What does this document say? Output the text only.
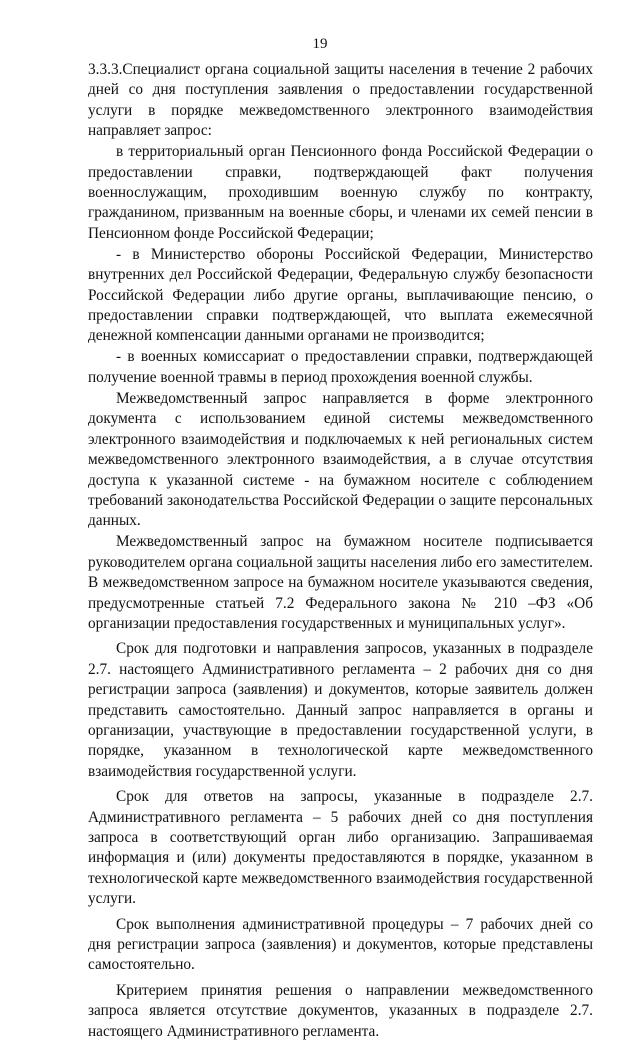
19

3.3.3.Специалист органа социальной защиты населения в течение 2 рабочих дней со дня поступления заявления о предоставлении государственной услуги в порядке межведомственного электронного взаимодействия направляет запрос:

в территориальный орган Пенсионного фонда Российской Федерации о предоставлении справки, подтверждающей факт получения военнослужащим, проходившим военную службу по контракту, гражданином, призванным на военные сборы, и членами их семей пенсии в Пенсионном фонде Российской Федерации;

- в Министерство обороны Российской Федерации, Министерство внутренних дел Российской Федерации, Федеральную службу безопасности Российской Федерации либо другие органы, выплачивающие пенсию, о предоставлении справки подтверждающей, что выплата ежемесячной денежной компенсации данными органами не производится;

- в военных комиссариат о предоставлении справки, подтверждающей получение военной травмы в период прохождения военной службы.

Межведомственный запрос направляется в форме электронного документа с использованием единой системы межведомственного электронного взаимодействия и подключаемых к ней региональных систем межведомственного электронного взаимодействия, а в случае отсутствия доступа к указанной системе - на бумажном носителе с соблюдением требований законодательства Российской Федерации о защите персональных данных.

Межведомственный запрос на бумажном носителе подписывается руководителем органа социальной защиты населения либо его заместителем. В межведомственном запросе на бумажном носителе указываются сведения, предусмотренные статьей 7.2 Федерального закона № 210 –ФЗ «Об организации предоставления государственных и муниципальных услуг».

Срок для подготовки и направления запросов, указанных в подразделе 2.7. настоящего Административного регламента – 2 рабочих дня со дня регистрации запроса (заявления) и документов, которые заявитель должен представить самостоятельно. Данный запрос направляется в органы и организации, участвующие в предоставлении государственной услуги, в порядке, указанном в технологической карте межведомственного взаимодействия государственной услуги.

Срок для ответов на запросы, указанные в подразделе 2.7. Административного регламента – 5 рабочих дней со дня поступления запроса в соответствующий орган либо организацию. Запрашиваемая информация и (или) документы предоставляются в порядке, указанном в технологической карте межведомственного взаимодействия государственной услуги.

Срок выполнения административной процедуры – 7 рабочих дней со дня регистрации запроса (заявления) и документов, которые представлены самостоятельно.

Критерием принятия решения о направлении межведомственного запроса является отсутствие документов, указанных в подразделе 2.7. настоящего Административного регламента.
